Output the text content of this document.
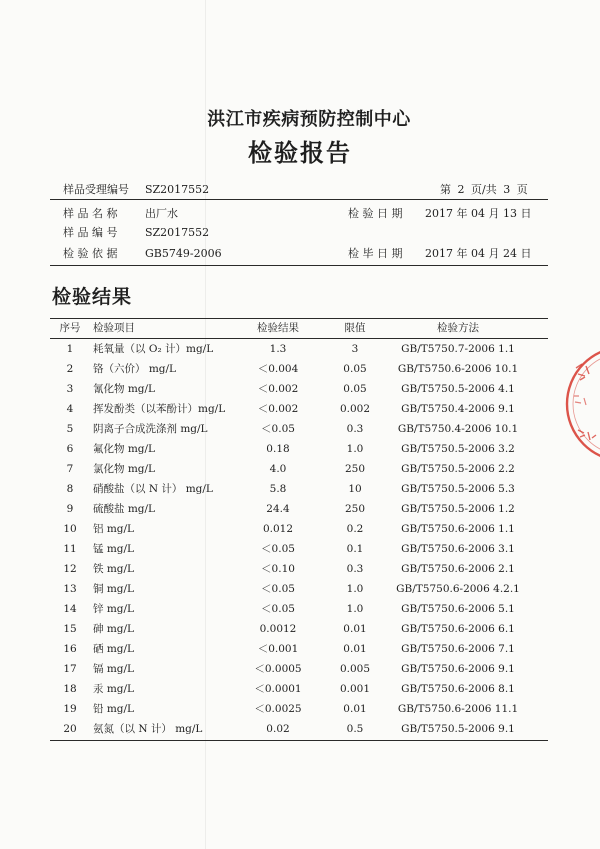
洪江市疾病预防控制中心
检验报告
样品受理编号 SZ2017552	第 2 页/共 3 页
样 品 名 称	出厂水	检 验 日 期 2017 年 04 月 13 日
样 品 编 号	SZ2017552
检 验 依 据	GB5749-2006	检 毕 日 期 2017 年 04 月 24 日
检验结果
序号	检验项目	检验结果	限值	检验方法
1	耗氧量（以 O₂ 计）mg/L	1.3	3	GB/T5750.7-2006 1.1
2	铬（六价） mg/L	＜0.004	0.05	GB/T5750.6-2006 10.1
3	氰化物 mg/L	＜0.002	0.05	GB/T5750.5-2006 4.1
4	挥发酚类（以苯酚计）mg/L	＜0.002	0.002	GB/T5750.4-2006 9.1
5	阴离子合成洗涤剂 mg/L	＜0.05	0.3	GB/T5750.4-2006 10.1
6	氟化物 mg/L	0.18	1.0	GB/T5750.5-2006 3.2
7	氯化物 mg/L	4.0	250	GB/T5750.5-2006 2.2
8	硝酸盐（以 N 计） mg/L	5.8	10	GB/T5750.5-2006 5.3
9	硫酸盐 mg/L	24.4	250	GB/T5750.5-2006 1.2
10	铝 mg/L	0.012	0.2	GB/T5750.6-2006 1.1
11	锰 mg/L	＜0.05	0.1	GB/T5750.6-2006 3.1
12	铁 mg/L	＜0.10	0.3	GB/T5750.6-2006 2.1
13	铜 mg/L	＜0.05	1.0	GB/T5750.6-2006 4.2.1
14	锌 mg/L	＜0.05	1.0	GB/T5750.6-2006 5.1
15	砷 mg/L	0.0012	0.01	GB/T5750.6-2006 6.1
16	硒 mg/L	＜0.001	0.01	GB/T5750.6-2006 7.1
17	镉 mg/L	＜0.0005	0.005	GB/T5750.6-2006 9.1
18	汞 mg/L	＜0.0001	0.001	GB/T5750.6-2006 8.1
19	铅 mg/L	＜0.0025	0.01	GB/T5750.6-2006 11.1
20	氨氮（以 N 计） mg/L	0.02	0.5	GB/T5750.5-2006 9.1
